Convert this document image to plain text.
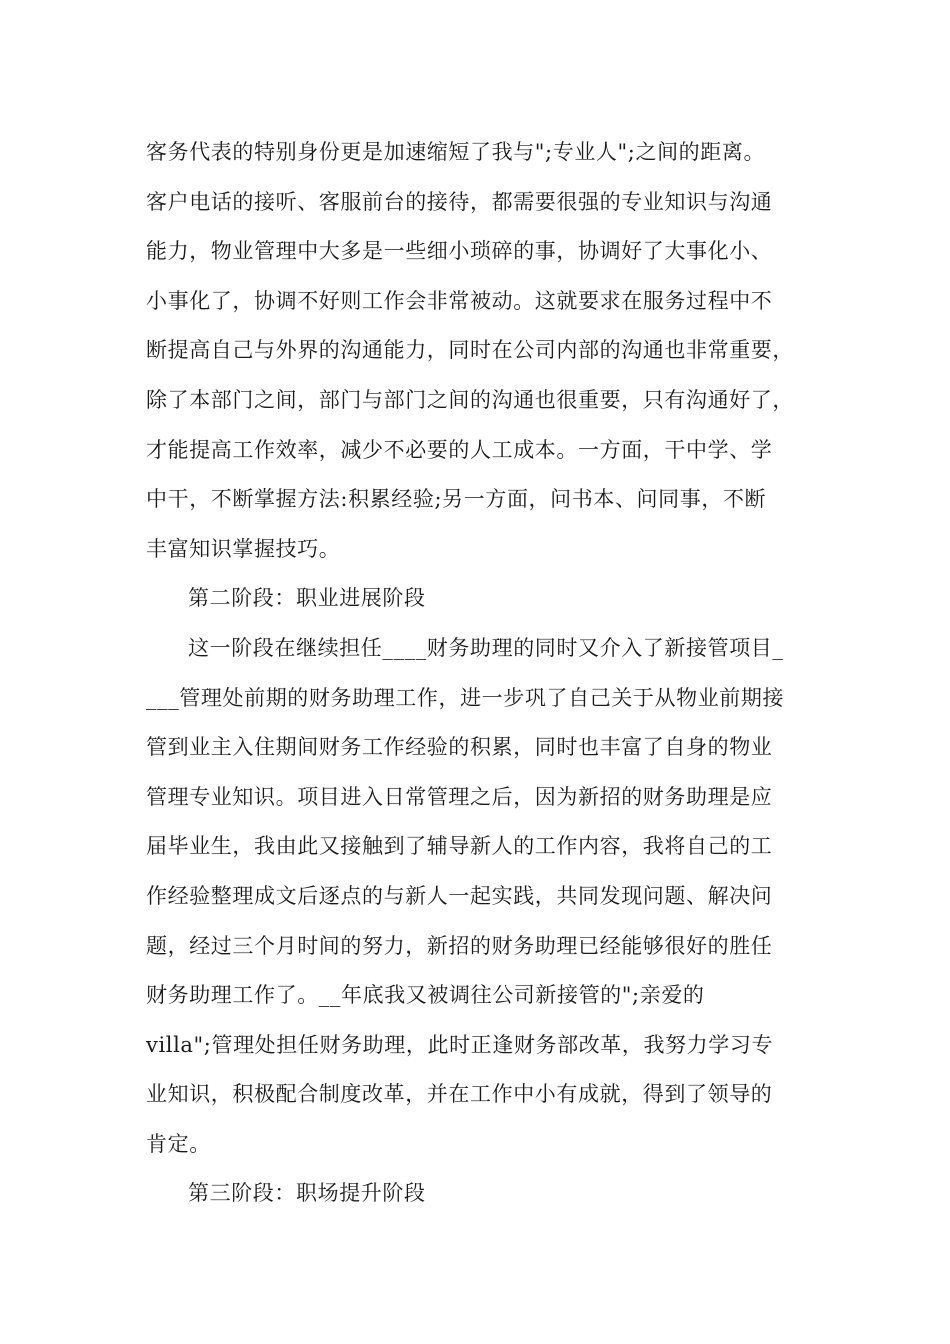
客务代表的特别身份更是加速缩短了我与";专业人";之间的距离。
客户电话的接听、客服前台的接待，都需要很强的专业知识与沟通
能力，物业管理中大多是一些细小琐碎的事，协调好了大事化小、
小事化了，协调不好则工作会非常被动。这就要求在服务过程中不
断提高自己与外界的沟通能力，同时在公司内部的沟通也非常重要，
除了本部门之间，部门与部门之间的沟通也很重要，只有沟通好了，
才能提高工作效率，减少不必要的人工成本。一方面，干中学、学
中干，不断掌握方法:积累经验;另一方面，问书本、问同事，不断
丰富知识掌握技巧。
第二阶段：职业进展阶段
这一阶段在继续担任____财务助理的同时又介入了新接管项目_
___管理处前期的财务助理工作，进一步巩了自己关于从物业前期接
管到业主入住期间财务工作经验的积累，同时也丰富了自身的物业
管理专业知识。项目进入日常管理之后，因为新招的财务助理是应
届毕业生，我由此又接触到了辅导新人的工作内容，我将自己的工
作经验整理成文后逐点的与新人一起实践，共同发现问题、解决问
题，经过三个月时间的努力，新招的财务助理已经能够很好的胜任
财务助理工作了。__年底我又被调往公司新接管的";亲爱的
villa";管理处担任财务助理，此时正逢财务部改革，我努力学习专
业知识，积极配合制度改革，并在工作中小有成就，得到了领导的
肯定。
第三阶段：职场提升阶段
